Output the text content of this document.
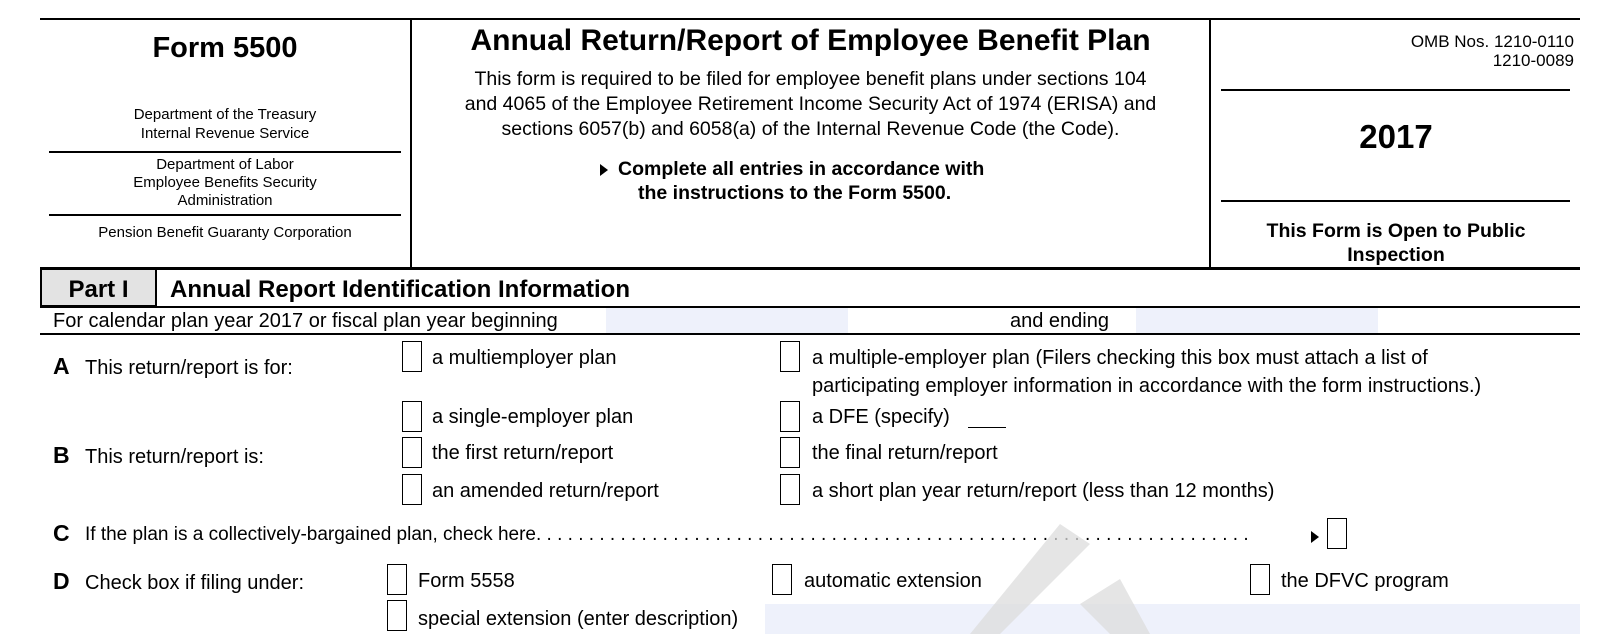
Form 5500
Department of the Treasury
Internal Revenue Service
Department of Labor
Employee Benefits Security
Administration
Pension Benefit Guaranty Corporation
Annual Return/Report of Employee Benefit Plan
This form is required to be filed for employee benefit plans under sections 104
and 4065 of the Employee Retirement Income Security Act of 1974 (ERISA) and
sections 6057(b) and 6058(a) of the Internal Revenue Code (the Code).
Complete all entries in accordance with
the instructions to the Form 5500.
OMB Nos. 1210-0110
1210-0089
2017
This Form is Open to Public
Inspection
Part I	Annual Report Identification Information
For calendar plan year 2017 or fiscal plan year beginning	and ending
A This return/report is for:	a multiemployer plan	a multiple-employer plan (Filers checking this box must attach a list of
participating employer information in accordance with the form instructions.)
a single-employer plan	a DFE (specify)
B This return/report is:	the first return/report	the final return/report
an amended return/report	a short plan year return/report (less than 12 months)
C If the plan is a collectively-bargained plan, check here. . . . . . . . . . . . . . . . . . . . . . . . . . . . . . . . . . . . . . . . . . . . . . . . . . . . . . . . . . . . . . . . . . . .
D Check box if filing under:	Form 5558	automatic extension	the DFVC program
special extension (enter description)
